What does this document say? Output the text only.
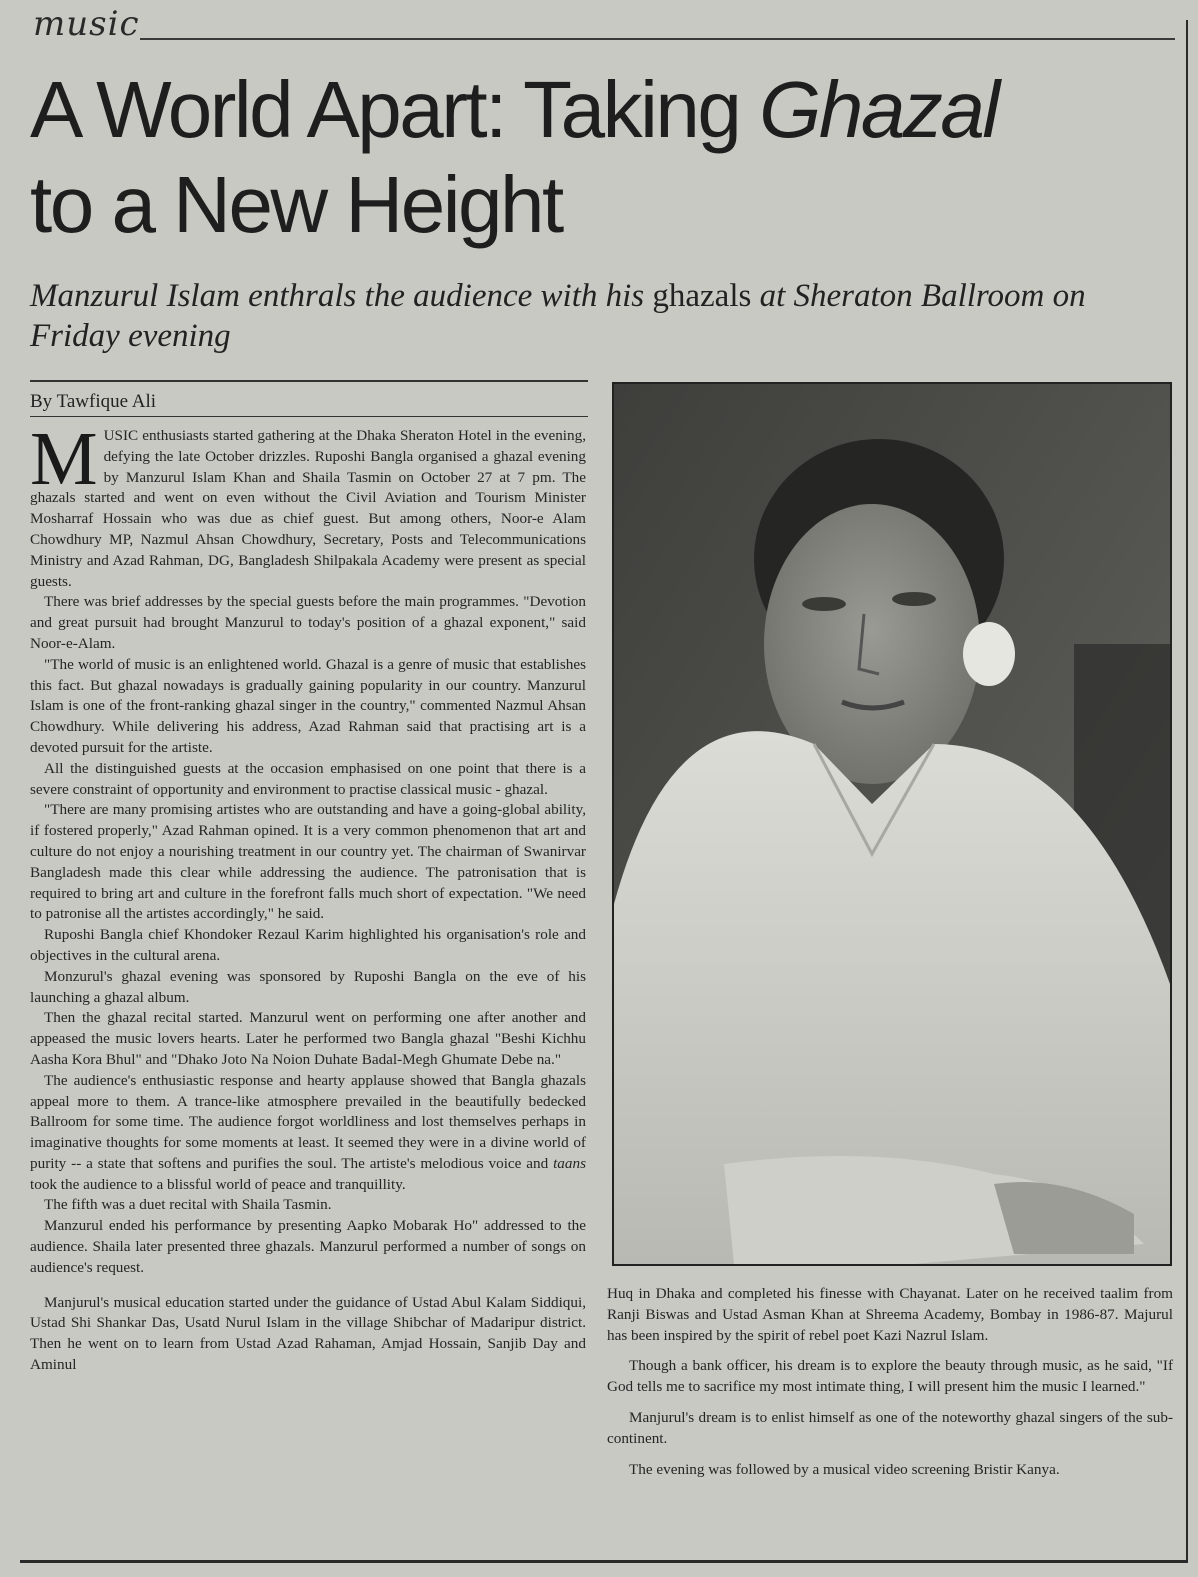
music
A World Apart: Taking Ghazal
to a New Height

Manzurul Islam enthrals the audience with his ghazals at Sheraton Ballroom on Friday evening

By Tawfique Ali

MUSIC enthusiasts started gathering at the Dhaka Sheraton Hotel in the evening, defying the late October drizzles. Ruposhi Bangla organised a ghazal evening by Manzurul Islam Khan and Shaila Tasmin on October 27 at 7 pm. The ghazals started and went on even without the Civil Aviation and Tourism Minister Mosharraf Hossain who was due as chief guest. But among others, Noor-e Alam Chowdhury MP, Nazmul Ahsan Chowdhury, Secretary, Posts and Telecommunications Ministry and Azad Rahman, DG, Bangladesh Shilpakala Academy were present as special guests.

There was brief addresses by the special guests before the main programmes. "Devotion and great pursuit had brought Manzurul to today's position of a ghazal exponent," said Noor-e-Alam.

"The world of music is an enlightened world. Ghazal is a genre of music that establishes this fact. But ghazal nowadays is gradually gaining popularity in our country. Manzurul Islam is one of the front-ranking ghazal singer in the country," commented Nazmul Ahsan Chowdhury. While delivering his address, Azad Rahman said that practising art is a devoted pursuit for the artiste.

All the distinguished guests at the occasion emphasised on one point that there is a severe constraint of opportunity and environment to practise classical music - ghazal.

"There are many promising artistes who are outstanding and have a going-global ability, if fostered properly," Azad Rahman opined. It is a very common phenomenon that art and culture do not enjoy a nourishing treatment in our country yet. The chairman of Swanirvar Bangladesh made this clear while addressing the audience. The patronisation that is required to bring art and culture in the forefront falls much short of expectation. "We need to patronise all the artistes accordingly," he said.

Ruposhi Bangla chief Khondoker Rezaul Karim highlighted his organisation's role and objectives in the cultural arena.

Monzurul's ghazal evening was sponsored by Ruposhi Bangla on the eve of his launching a ghazal album.

Then the ghazal recital started. Manzurul went on performing one after another and appeased the music lovers hearts. Later he performed two Bangla ghazal "Beshi Kichhu Aasha Kora Bhul" and "Dhako Joto Na Noion Duhate Badal-Megh Ghumate Debe na."

The audience's enthusiastic response and hearty applause showed that Bangla ghazals appeal more to them. A trance-like atmosphere prevailed in the beautifully bedecked Ballroom for some time. The audience forgot worldliness and lost themselves perhaps in imaginative thoughts for some moments at least. It seemed they were in a divine world of purity -- a state that softens and purifies the soul. The artiste's melodious voice and taans took the audience to a blissful world of peace and tranquillity.

The fifth was a duet recital with Shaila Tasmin.

Manzurul ended his performance by presenting Aapko Mobarak Ho" addressed to the audience. Shaila later presented three ghazals. Manzurul performed a number of songs on audience's request.

Manjurul's musical education started under the guidance of Ustad Abul Kalam Siddiqui, Ustad Shi Shankar Das, Usatd Nurul Islam in the village Shibchar of Madaripur district. Then he went on to learn from Ustad Azad Rahaman, Amjad Hossain, Sanjib Day and Aminul

Huq in Dhaka and completed his finesse with Chayanat. Later on he received taalim from Ranji Biswas and Ustad Asman Khan at Shreema Academy, Bombay in 1986-87. Majurul has been inspired by the spirit of rebel poet Kazi Nazrul Islam.

Though a bank officer, his dream is to explore the beauty through music, as he said, "If God tells me to sacrifice my most intimate thing, I will present him the music I learned."

Manjurul's dream is to enlist himself as one of the noteworthy ghazal singers of the sub-continent.

The evening was followed by a musical video screening Bristir Kanya.
